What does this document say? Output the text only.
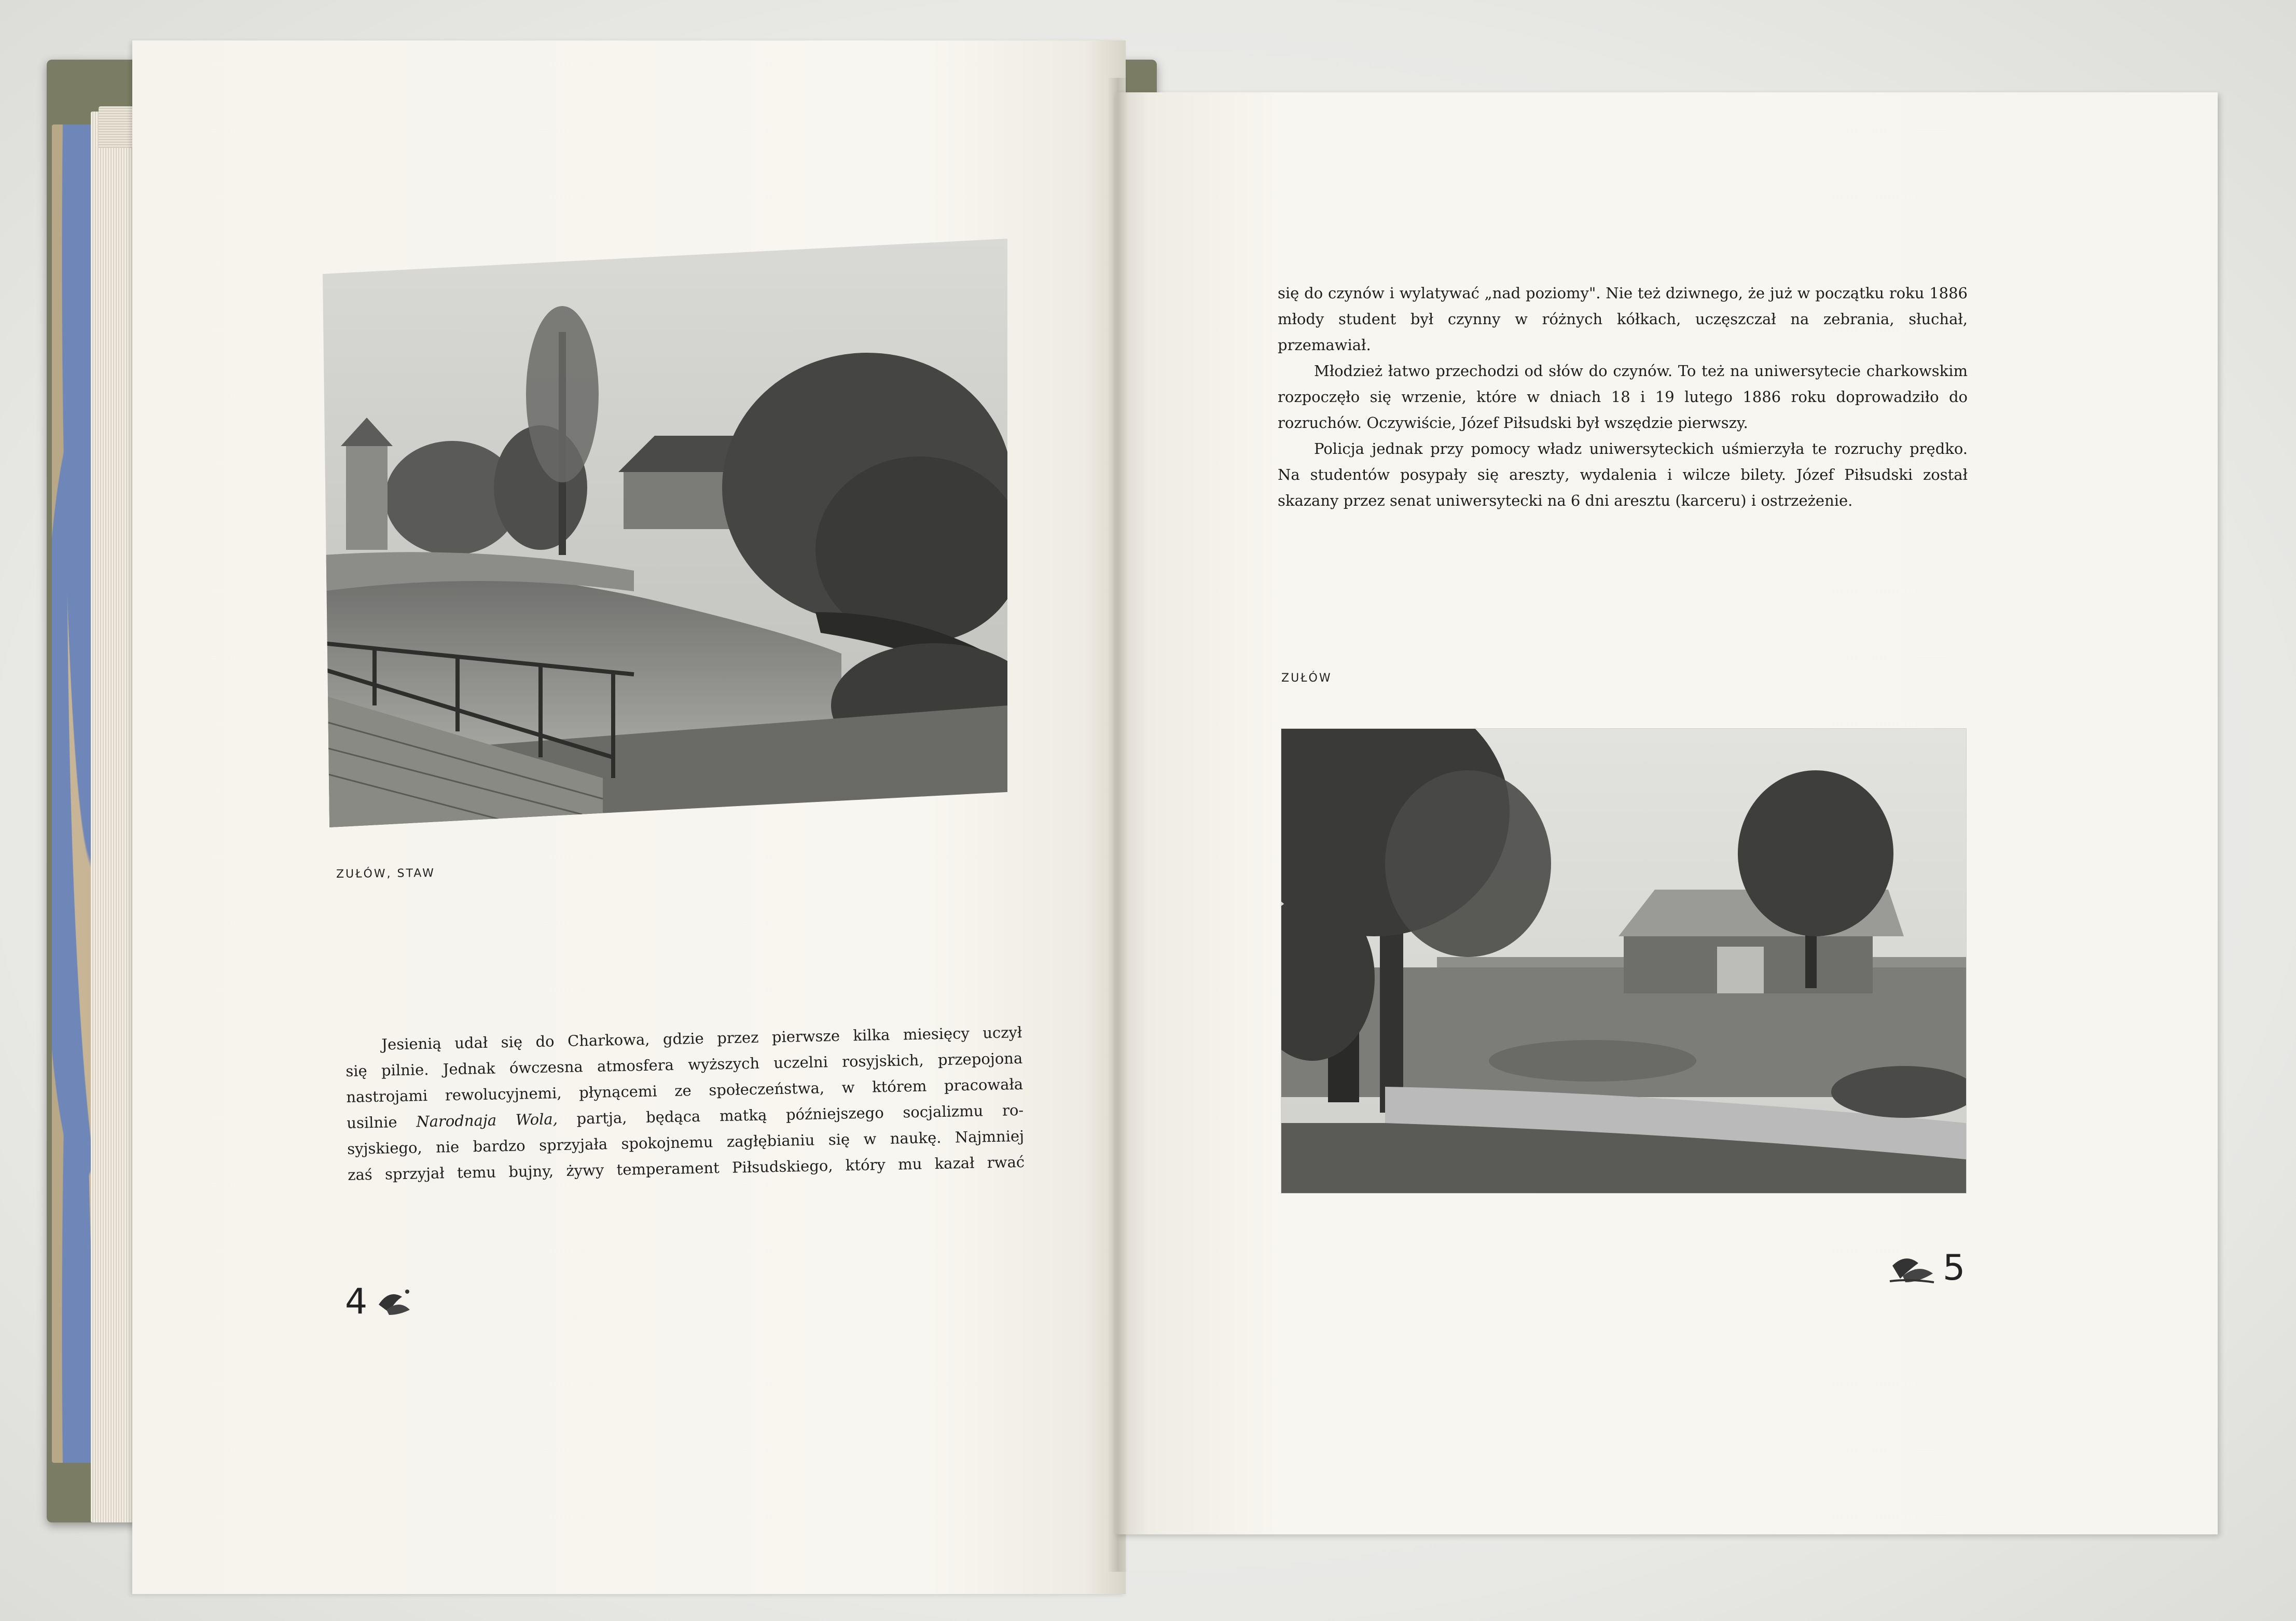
ZUŁÓW, STAW
Jesienią udał się do Charkowa, gdzie przez pierwsze kilka miesięcy uczył
się pilnie. Jednak ówczesna atmosfera wyższych uczelni rosyjskich, przepojona
nastrojami rewolucyjnemi, płynącemi ze społeczeństwa, w którem pracowała
usilnie Narodnaja Wola, partja, będąca matką późniejszego socjalizmu ro-
syjskiego, nie bardzo sprzyjała spokojnemu zagłębianiu się w naukę. Najmniej
zaś sprzyjał temu bujny, żywy temperament Piłsudskiego, który mu kazał rwać
4

się do czynów i wylatywać „nad poziomy". Nie też dziwnego, że już w początku roku 1886 młody student był czynny w różnych kółkach, uczęszczał na zebrania, słuchał, przemawiał.

Młodzież łatwo przechodzi od słów do czynów. To też na uniwersytecie charkowskim rozpoczęło się wrzenie, które w dniach 18 i 19 lutego 1886 roku doprowadziło do rozruchów. Oczywiście, Józef Piłsudski był wszędzie pierwszy.

Policja jednak przy pomocy władz uniwersyteckich uśmierzyła te rozruchy prędko. Na studentów posypały się aresztу, wydalenia i wilcze bilety. Józef Piłsudski został skazany przez senat uniwersytecki na 6 dni aresztu (karceru) i ostrzeżenie.

ZUŁÓW
5
